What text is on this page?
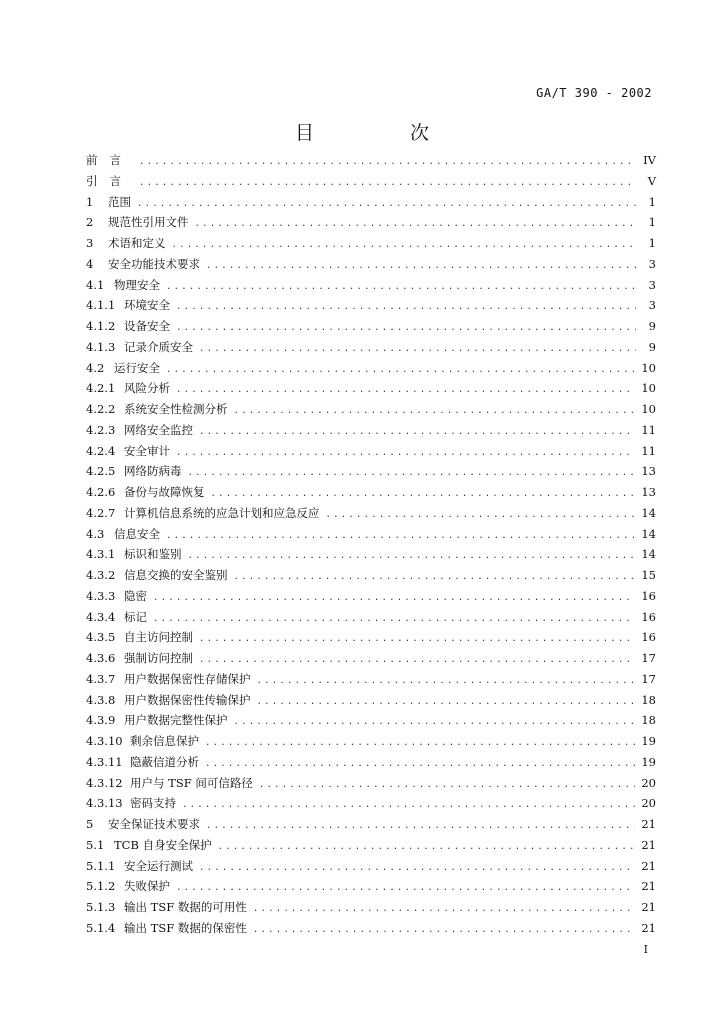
GA/T 390 - 2002
目	次
前言 .....	IV
引言 .....	V
1	范围 .....	1
2	规范性引用文件 .....	1
3	术语和定义 .....	1
4	安全功能技术要求 .....	3
4.1 物理安全 .....	3
4.1.1 环境安全 .....	3
4.1.2 设备安全 .....	9
4.1.3 记录介质安全 .....	9
4.2 运行安全 .....	10
4.2.1 风险分析 .....	10
4.2.2 系统安全性检测分析 .....	10
4.2.3 网络安全监控 .....	11
4.2.4 安全审计 .....	11
4.2.5 网络防病毒 .....	13
4.2.6 备份与故障恢复 .....	13
4.2.7 计算机信息系统的应急计划和应急反应 .....	14
4.3 信息安全 .....	14
4.3.1 标识和鉴别 .....	14
4.3.2 信息交换的安全鉴别 .....	15
4.3.3 隐密 .....	16
4.3.4 标记 .....	16
4.3.5 自主访问控制 .....	16
4.3.6 强制访问控制 .....	17
4.3.7 用户数据保密性存储保护 .....	17
4.3.8 用户数据保密性传输保护 .....	18
4.3.9 用户数据完整性保护 .....	18
4.3.10 剩余信息保护 .....	19
4.3.11 隐蔽信道分析 .....	19
4.3.12 用户与 TSF 间可信路径 .....	20
4.3.13 密码支持 .....	20
5	安全保证技术要求 .....	21
5.1 TCB 自身安全保护 .....	21
5.1.1 安全运行测试 .....	21
5.1.2 失败保护 .....	21
5.1.3 输出 TSF 数据的可用性 .....	21
5.1.4 输出 TSF 数据的保密性 .....	21
I
